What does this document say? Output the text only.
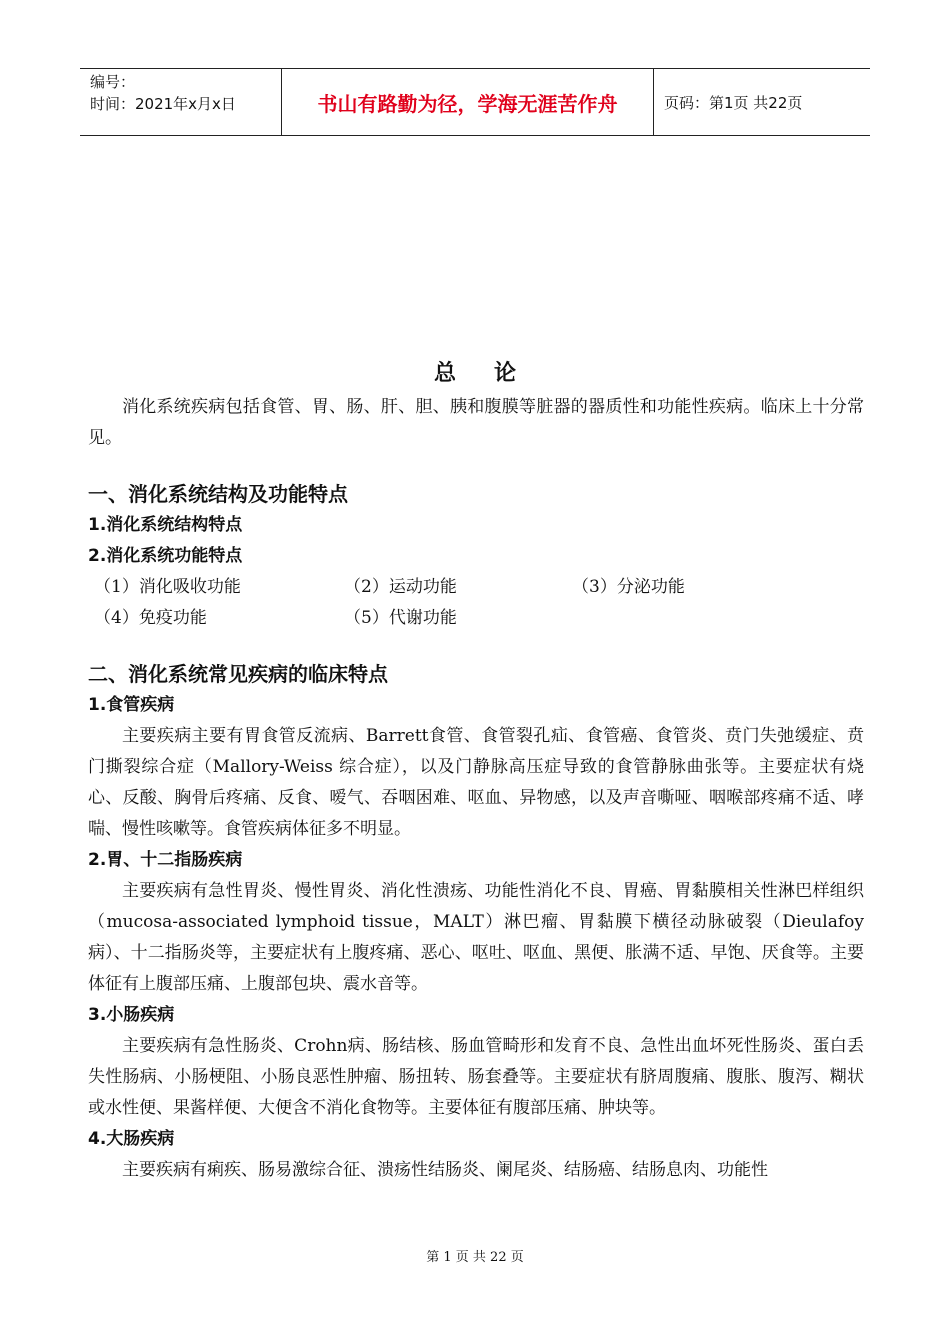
编号：
时间：2021年x月x日	书山有路勤为径，学海无涯苦作舟	页码：第1页 共22页
总论

消化系统疾病包括食管、胃、肠、肝、胆、胰和腹膜等脏器的器质性和功能性疾病。临床上十分常见。

一、消化系统结构及功能特点

1.消化系统结构特点

2.消化系统功能特点

（1）消化吸收功能	（2）运动功能	（3）分泌功能
（4）免疫功能	（5）代谢功能

二、消化系统常见疾病的临床特点

1.食管疾病

主要疾病主要有胃食管反流病、Barrett食管、食管裂孔疝、食管癌、食管炎、贲门失弛缓症、贲门撕裂综合症（Mallory-Weiss 综合症），以及门静脉高压症导致的食管静脉曲张等。主要症状有烧心、反酸、胸骨后疼痛、反食、嗳气、吞咽困难、呕血、异物感，以及声音嘶哑、咽喉部疼痛不适、哮喘、慢性咳嗽等。食管疾病体征多不明显。

2.胃、十二指肠疾病

主要疾病有急性胃炎、慢性胃炎、消化性溃疡、功能性消化不良、胃癌、胃黏膜相关性淋巴样组织（mucosa-associated lymphoid tissue，MALT）淋巴瘤、胃黏膜下横径动脉破裂（Dieulafoy病）、十二指肠炎等，主要症状有上腹疼痛、恶心、呕吐、呕血、黑便、胀满不适、早饱、厌食等。主要体征有上腹部压痛、上腹部包块、震水音等。

3.小肠疾病

主要疾病有急性肠炎、Crohn病、肠结核、肠血管畸形和发育不良、急性出血坏死性肠炎、蛋白丢失性肠病、小肠梗阻、小肠良恶性肿瘤、肠扭转、肠套叠等。主要症状有脐周腹痛、腹胀、腹泻、糊状或水性便、果酱样便、大便含不消化食物等。主要体征有腹部压痛、肿块等。

4.大肠疾病

主要疾病有痢疾、肠易激综合征、溃疡性结肠炎、阑尾炎、结肠癌、结肠息肉、功能性

第 1 页 共 22 页
